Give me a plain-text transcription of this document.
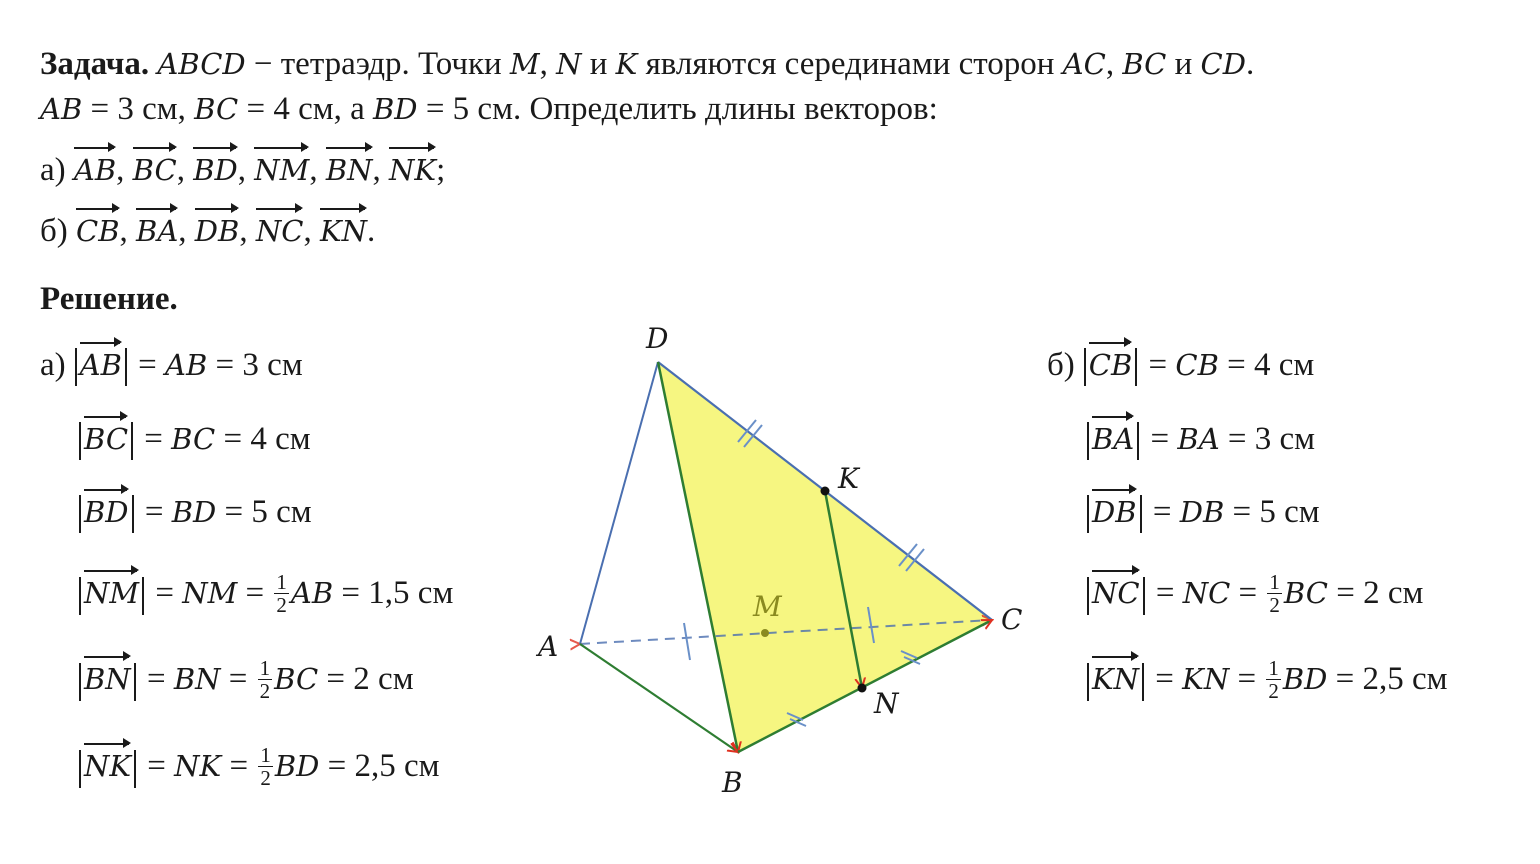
Задача. ABCD − тетраэдр. Точки M, N и K являются серединами сторон AC, BC и CD.
AB = 3 см, BC = 4 см, а BD = 5 см. Определить длины векторов:
а) AB, BC, BD, NM, BN, NK;
б) CB, BA, DB, NC, KN.
Решение.
а) AB = AB = 3 см
BC = BC = 4 см
BD = BD = 5 см
NM = NM = $\frac{1}{2}$ AB = 1,5 см
BN = BN = $\frac{1}{2}$ BC = 2 см
NK = NK = $\frac{1}{2}$ BD = 2,5 см
б) CB = CB = 4 см
BA = BA = 3 см
DB = DB = 5 см
NC = NC = $\frac{1}{2}$ BC = 2 см
KN = KN = $\frac{1}{2}$ BD = 2,5 см
D
K
M
A
C
N
B
